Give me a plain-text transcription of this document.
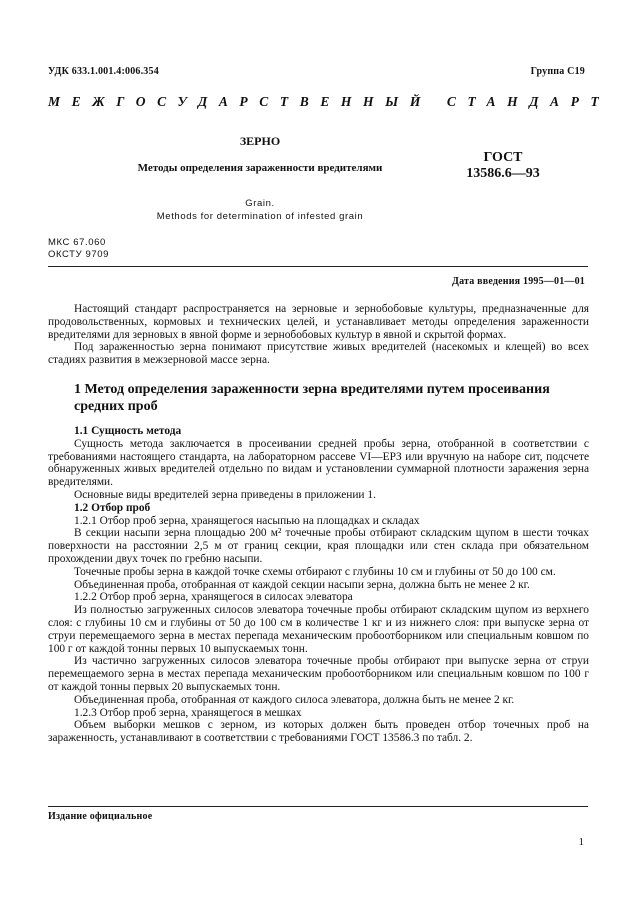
УДК 633.1.001.4:006.354	Группа С19
МЕЖГОСУДАРСТВЕННЫЙ СТАНДАРТ
ЗЕРНО
Методы определения зараженности вредителями
ГОСТ
13586.6—93
Grain.
Methods for determination of infested grain
МКС 67.060
ОКСТУ 9709
Дата введения 1995—01—01

Настоящий стандарт распространяется на зерновые и зернобобовые культуры, предназначенные для продовольственных, кормовых и технических целей, и устанавливает методы определения зараженности вредителями для зерновых в явной форме и зернобобовых культур в явной и скрытой формах.

Под зараженностью зерна понимают присутствие живых вредителей (насекомых и клещей) во всех стадиях развития в межзерновой массе зерна.

1 Метод определения зараженности зерна вредителями путем просеивания средних проб

1.1 Сущность метода

Сущность метода заключается в просеивании средней пробы зерна, отобранной в соответствии с требованиями настоящего стандарта, на лабораторном рассеве VI—ЕРЗ или вручную на наборе сит, подсчете обнаруженных живых вредителей отдельно по видам и установлении суммарной плотности заражения зерна вредителями.

Основные виды вредителей зерна приведены в приложении 1.

1.2 Отбор проб

1.2.1 Отбор проб зерна, хранящегося насыпью на площадках и складах

В секции насыпи зерна площадью 200 м² точечные пробы отбирают складским щупом в шести точках поверхности на расстоянии 2,5 м от границ секции, края площадки или стен склада при обязательном прохождении двух точек по гребню насыпи.

Точечные пробы зерна в каждой точке схемы отбирают с глубины 10 см и глубины от 50 до 100 см.

Объединенная проба, отобранная от каждой секции насыпи зерна, должна быть не менее 2 кг.

1.2.2 Отбор проб зерна, хранящегося в силосах элеватора

Из полностью загруженных силосов элеватора точечные пробы отбирают складским щупом из верхнего слоя: с глубины 10 см и глубины от 50 до 100 см в количестве 1 кг и из нижнего слоя: при выпуске зерна от струи перемещаемого зерна в местах перепада механическим пробоотборником или специальным ковшом по 100 г от каждой тонны первых 10 выпускаемых тонн.

Из частично загруженных силосов элеватора точечные пробы отбирают при выпуске зерна от струи перемещаемого зерна в местах перепада механическим пробоотборником или специальным ковшом по 100 г от каждой тонны первых 20 выпускаемых тонн.

Объединенная проба, отобранная от каждого силоса элеватора, должна быть не менее 2 кг.

1.2.3 Отбор проб зерна, хранящегося в мешках

Объем выборки мешков с зерном, из которых должен быть проведен отбор точечных проб на зараженность, устанавливают в соответствии с требованиями ГОСТ 13586.3 по табл. 2.

Издание официальное
1
